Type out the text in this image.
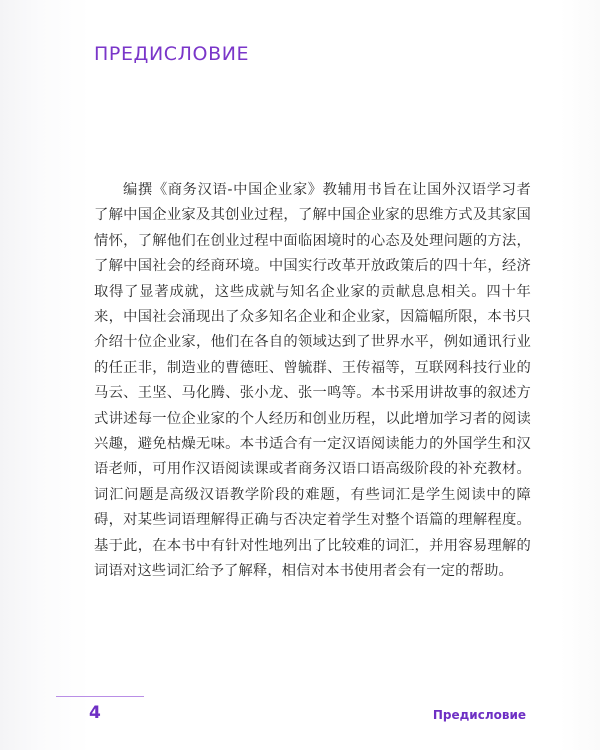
ПРЕДИСЛОВИЕ

编撰《商务汉语-中国企业家》教辅用书旨在让国外汉语学习者了解中国企业家及其创业过程，了解中国企业家的思维方式及其家国情怀，了解他们在创业过程中面临困境时的心态及处理问题的方法，了解中国社会的经商环境。中国实行改革开放政策后的四十年，经济取得了显著成就，这些成就与知名企业家的贡献息息相关。四十年来，中国社会涌现出了众多知名企业和企业家，因篇幅所限，本书只介绍十位企业家，他们在各自的领域达到了世界水平，例如通讯行业的任正非，制造业的曹德旺、曾毓群、王传福等，互联网科技行业的马云、王坚、马化腾、张小龙、张一鸣等。本书采用讲故事的叙述方式讲述每一位企业家的个人经历和创业历程，以此增加学习者的阅读兴趣，避免枯燥无味。本书适合有一定汉语阅读能力的外国学生和汉语老师，可用作汉语阅读课或者商务汉语口语高级阶段的补充教材。词汇问题是高级汉语教学阶段的难题，有些词汇是学生阅读中的障碍，对某些词语理解得正确与否决定着学生对整个语篇的理解程度。基于此，在本书中有针对性地列出了比较难的词汇，并用容易理解的词语对这些词汇给予了解释，相信对本书使用者会有一定的帮助。

4	Предисловие
